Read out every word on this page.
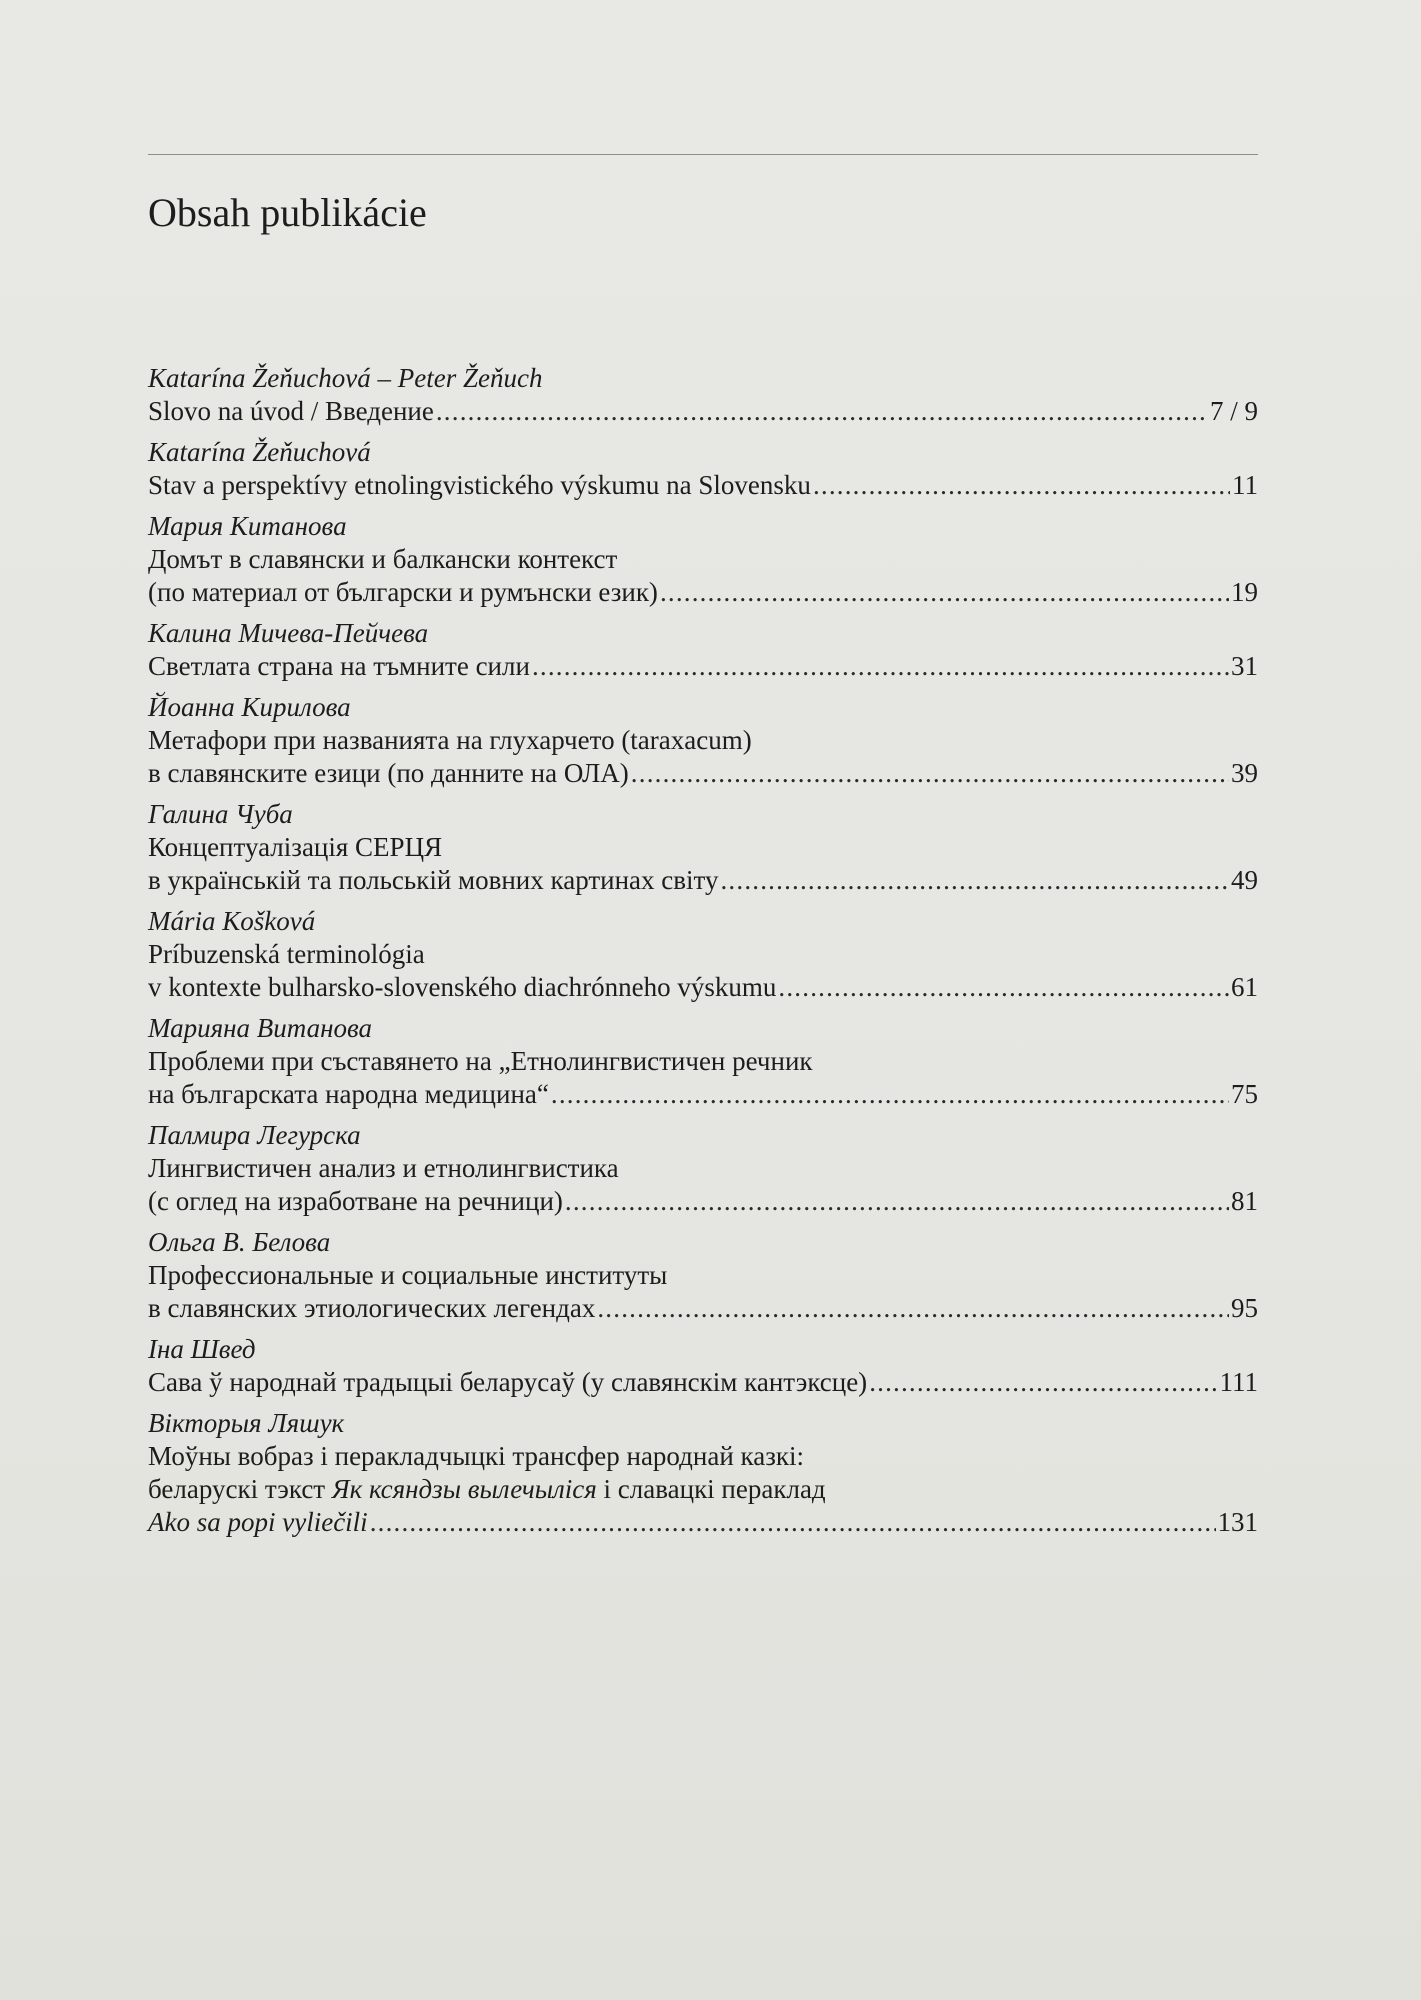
Obsah publikácie
Katarína Žeňuchová – Peter Žeňuch
Slovo na úvod / Введение .....	7 / 9
Katarína Žeňuchová
Stav a perspektívy etnolingvistického výskumu na Slovensku .....	11
Мария Китанова
Домът в славянски и балкански контекст
(по материал от български и румънски език) .....	19
Калина Мичева-Пейчева
Светлата страна на тъмните сили .....	31
Йоанна Кирилова
Метафори при названията на глухарчето (taraxacum)
в славянските езици (по данните на ОЛА) .....	39
Галина Чуба
Концептуалізація СЕРЦЯ
в українській та польській мовних картинах світу .....	49
Mária Košková
Príbuzenská terminológia
v kontexte bulharsko-slovenského diachrónneho výskumu .....	61
Марияна Витанова
Проблеми при съставянето на „Етнолингвистичен речник
на българската народна медицина“ .....	75
Палмира Легурска
Лингвистичен анализ и етнолингвистика
(с оглед на изработване на речници) .....	81
Ольга В. Белова
Профессиональные и социальные институты
в славянских этиологических легендах .....	95
Іна Швед
Сава ў народнай традыцыі беларусаў (у славянскім кантэксце) .....	111
Вікторыя Ляшук
Моўны вобраз і перакладчыцкі трансфер народнай казкі:
беларускі тэкст Як ксяндзы вылечыліся і славацкі пераклад
Ako sa popi vyliečili .....	131
